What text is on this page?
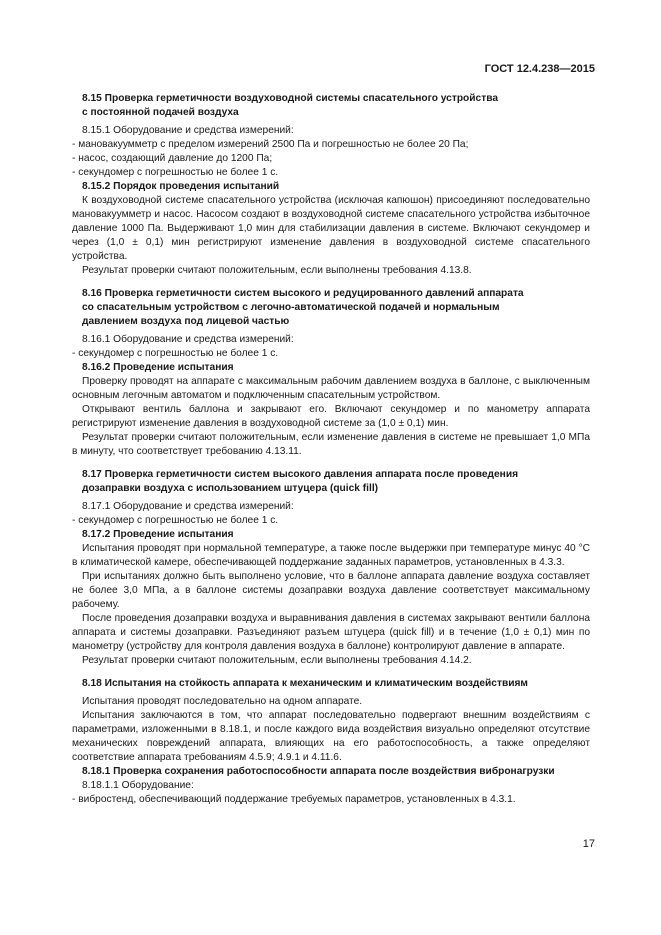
ГОСТ 12.4.238—2015

8.15 Проверка герметичности воздуховодной системы спасательного устройства

с постоянной подачей воздуха

8.15.1 Оборудование и средства измерений:

- мановакуумметр с пределом измерений 2500 Па и погрешностью не более 20 Па;

- насос, создающий давление до 1200 Па;

- секундомер с погрешностью не более 1 с.

8.15.2 Порядок проведения испытаний

К воздуховодной системе спасательного устройства (исключая капюшон) присоединяют последовательно мановакуумметр и насос. Насосом создают в воздуховодной системе спасательного устройства избыточное давление 1000 Па. Выдерживают 1,0 мин для стабилизации давления в системе. Включают секундомер и через (1,0 ± 0,1) мин регистрируют изменение давления в воздуховодной системе спасательного устройства.

Результат проверки считают положительным, если выполнены требования 4.13.8.

8.16 Проверка герметичности систем высокого и редуцированного давлений аппарата

со спасательным устройством с легочно-автоматической подачей и нормальным

давлением воздуха под лицевой частью

8.16.1 Оборудование и средства измерений:

- секундомер с погрешностью не более 1 с.

8.16.2 Проведение испытания

Проверку проводят на аппарате с максимальным рабочим давлением воздуха в баллоне, с выключенным основным легочным автоматом и подключенным спасательным устройством.

Открывают вентиль баллона и закрывают его. Включают секундомер и по манометру аппарата регистрируют изменение давления в воздуховодной системе за (1,0 ± 0,1) мин.

Результат проверки считают положительным, если изменение давления в системе не превышает 1,0 МПа в минуту, что соответствует требованию 4.13.11.

8.17 Проверка герметичности систем высокого давления аппарата после проведения

дозаправки воздуха с использованием штуцера (quick fill)

8.17.1 Оборудование и средства измерений:

- секундомер с погрешностью не более 1 с.

8.17.2 Проведение испытания

Испытания проводят при нормальной температуре, а также после выдержки при температуре минус 40 °С в климатической камере, обеспечивающей поддержание заданных параметров, установленных в 4.3.3.

При испытаниях должно быть выполнено условие, что в баллоне аппарата давление воздуха составляет не более 3,0 МПа, а в баллоне системы дозаправки воздуха давление соответствует максимальному рабочему.

После проведения дозаправки воздуха и выравнивания давления в системах закрывают вентили баллона аппарата и системы дозаправки. Разъединяют разъем штуцера (quick fill) и в течение (1,0 ± 0,1) мин по манометру (устройству для контроля давления воздуха в баллоне) контролируют давление в аппарате.

Результат проверки считают положительным, если выполнены требования 4.14.2.

8.18 Испытания на стойкость аппарата к механическим и климатическим воздействиям

Испытания проводят последовательно на одном аппарате.

Испытания заключаются в том, что аппарат последовательно подвергают внешним воздействиям с параметрами, изложенными в 8.18.1, и после каждого вида воздействия визуально определяют отсутствие механических повреждений аппарата, влияющих на его работоспособность, а также определяют соответствие аппарата требованиям 4.5.9; 4.9.1 и 4.11.6.

8.18.1 Проверка сохранения работоспособности аппарата после воздействия вибронагрузки

8.18.1.1 Оборудование:

- вибростенд, обеспечивающий поддержание требуемых параметров, установленных в 4.3.1.

17
